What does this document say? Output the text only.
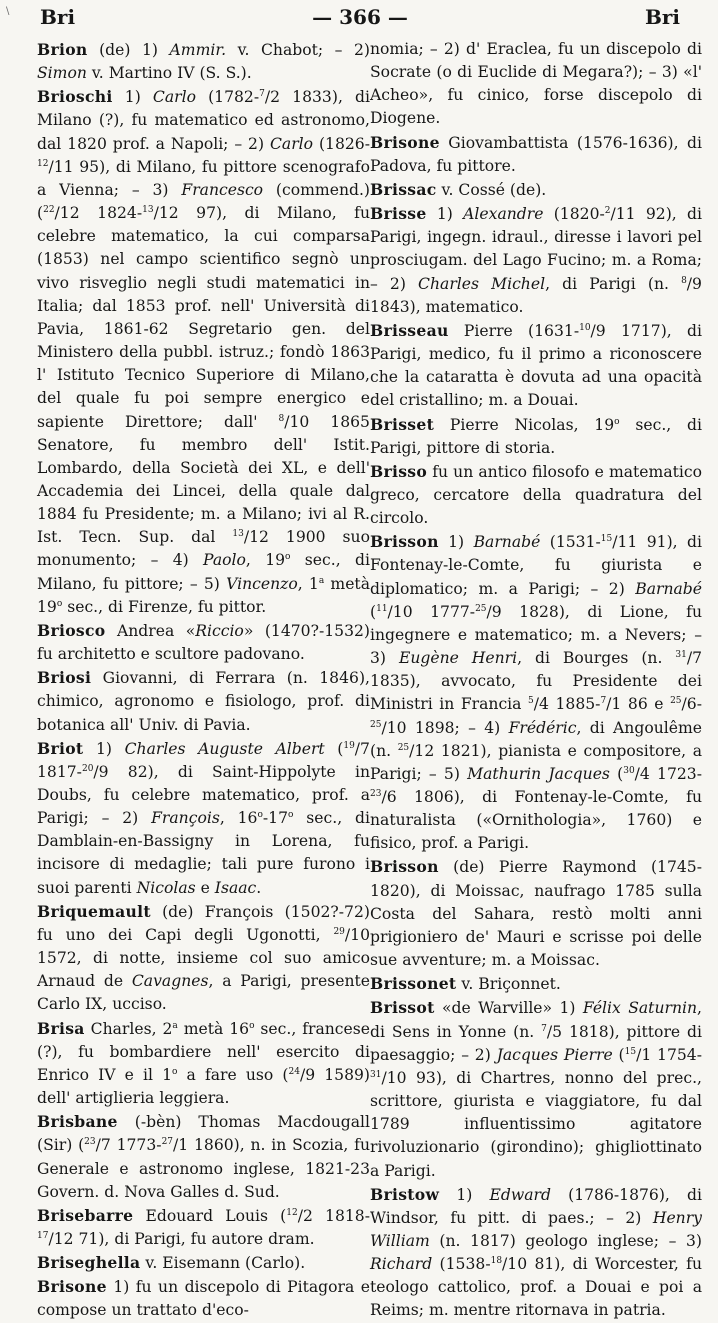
\ Bri	— 366 —	Bri

Brion (de) 1) Ammir. v. Chabot; – 2) Simon v. Martino IV (S. S.).

Brioschi 1) Carlo (1782-$^7$/2 1833), di Milano (?), fu matematico ed astronomo, dal 1820 prof. a Napoli; – 2) Carlo (1826-$^{12}$/11 95), di Milano, fu pittore scenografo a Vienna; – 3) Francesco (commend.) ($^{22}$/12 1824-$^{13}$/12 97), di Milano, fu celebre matematico, la cui comparsa (1853) nel campo scientifico segnò un vivo risveglio negli studi matematici in Italia; dal 1853 prof. nell' Università di Pavia, 1861-62 Segretario gen. del Ministero della pubbl. istruz.; fondò 1863 l' Istituto Tecnico Superiore di Milano, del quale fu poi sempre energico e sapiente Direttore; dall' $^8$/10 1865 Senatore, fu membro dell' Istit. Lombardo, della Società dei XL, e dell' Accademia dei Lincei, della quale dal 1884 fu Presidente; m. a Milano; ivi al R. Ist. Tecn. Sup. dal $^{13}$/12 1900 suo monumento; – 4) Paolo, 19$^o$ sec., di Milano, fu pittore; – 5) Vincenzo, 1$^a$ metà 19$^o$ sec., di Firenze, fu pittor.

Briosco Andrea «Riccio» (1470?-1532) fu architetto e scultore padovano.

Briosi Giovanni, di Ferrara (n. 1846), chimico, agronomo e fisiologo, prof. di botanica all' Univ. di Pavia.

Briot 1) Charles Auguste Albert ($^{19}$/7 1817-$^{20}$/9 82), di Saint-Hippolyte in Doubs, fu celebre matematico, prof. a Parigi; – 2) François, 16$^o$-17$^o$ sec., di Damblain-en-Bassigny in Lorena, fu incisore di medaglie; tali pure furono i suoi parenti Nicolas e Isaac.

Briquemault (de) François (1502?-72) fu uno dei Capi degli Ugonotti, $^{29}$/10 1572, di notte, insieme col suo amico Arnaud de Cavagnes, a Parigi, presente Carlo IX, ucciso.

Brisa Charles, 2$^a$ metà 16$^o$ sec., francese (?), fu bombardiere nell' esercito di Enrico IV e il 1$^o$ a fare uso ($^{24}$/9 1589) dell' artiglieria leggiera.

Brisbane (-bèn) Thomas Macdougall (Sir) ($^{23}$/7 1773-$^{27}$/1 1860), n. in Scozia, fu Generale e astronomo inglese, 1821-23 Govern. d. Nova Galles d. Sud.

Brisebarre Edouard Louis ($^{12}$/2 1818-$^{17}$/12 71), di Parigi, fu autore dram.

Briseghella v. Eisemann (Carlo).

Brisone 1) fu un discepolo di Pitagora e compose un trattato d'eco-

nomia; – 2) d' Eraclea, fu un discepolo di Socrate (o di Euclide di Megara?); – 3) «l' Acheo», fu cinico, forse discepolo di Diogene.

Brisone Giovambattista (1576-1636), di Padova, fu pittore.

Brissac v. Cossé (de).

Brisse 1) Alexandre (1820-$^2$/11 92), di Parigi, ingegn. idraul., diresse i lavori pel prosciugam. del Lago Fucino; m. a Roma; – 2) Charles Michel, di Parigi (n. $^8$/9 1843), matematico.

Brisseau Pierre (1631-$^{10}$/9 1717), di Parigi, medico, fu il primo a riconoscere che la cataratta è dovuta ad una opacità del cristallino; m. a Douai.

Brisset Pierre Nicolas, 19$^o$ sec., di Parigi, pittore di storia.

Brisso fu un antico filosofo e matematico greco, cercatore della quadratura del circolo.

Brisson 1) Barnabé (1531-$^{15}$/11 91), di Fontenay-le-Comte, fu giurista e diplomatico; m. a Parigi; – 2) Barnabé ($^{11}$/10 1777-$^{25}$/9 1828), di Lione, fu ingegnere e matematico; m. a Nevers; – 3) Eugène Henri, di Bourges (n. $^{31}$/7 1835), avvocato, fu Presidente dei Ministri in Francia $^5$/4 1885-$^7$/1 86 e $^{25}$/6-$^{25}$/10 1898; – 4) Frédéric, di Angoulême (n. $^{25}$/12 1821), pianista e compositore, a Parigi; – 5) Mathurin Jacques ($^{30}$/4 1723-$^{23}$/6 1806), di Fontenay-le-Comte, fu naturalista («Ornithologia», 1760) e fisico, prof. a Parigi.

Brisson (de) Pierre Raymond (1745-1820), di Moissac, naufrago 1785 sulla Costa del Sahara, restò molti anni prigioniero de' Mauri e scrisse poi delle sue avventure; m. a Moissac.

Brissonet v. Briçonnet.

Brissot «de Warville» 1) Félix Saturnin, di Sens in Yonne (n. $^7$/5 1818), pittore di paesaggio; – 2) Jacques Pierre ($^{15}$/1 1754-$^{31}$/10 93), di Chartres, nonno del prec., scrittore, giurista e viaggiatore, fu dal 1789 influentissimo agitatore rivoluzionario (girondino); ghigliottinato a Parigi.

Bristow 1) Edward (1786-1876), di Windsor, fu pitt. di paes.; – 2) Henry William (n. 1817) geologo inglese; – 3) Richard (1538-$^{18}$/10 81), di Worcester, fu teologo cattolico, prof. a Douai e poi a Reims; m. mentre ritornava in patria.
